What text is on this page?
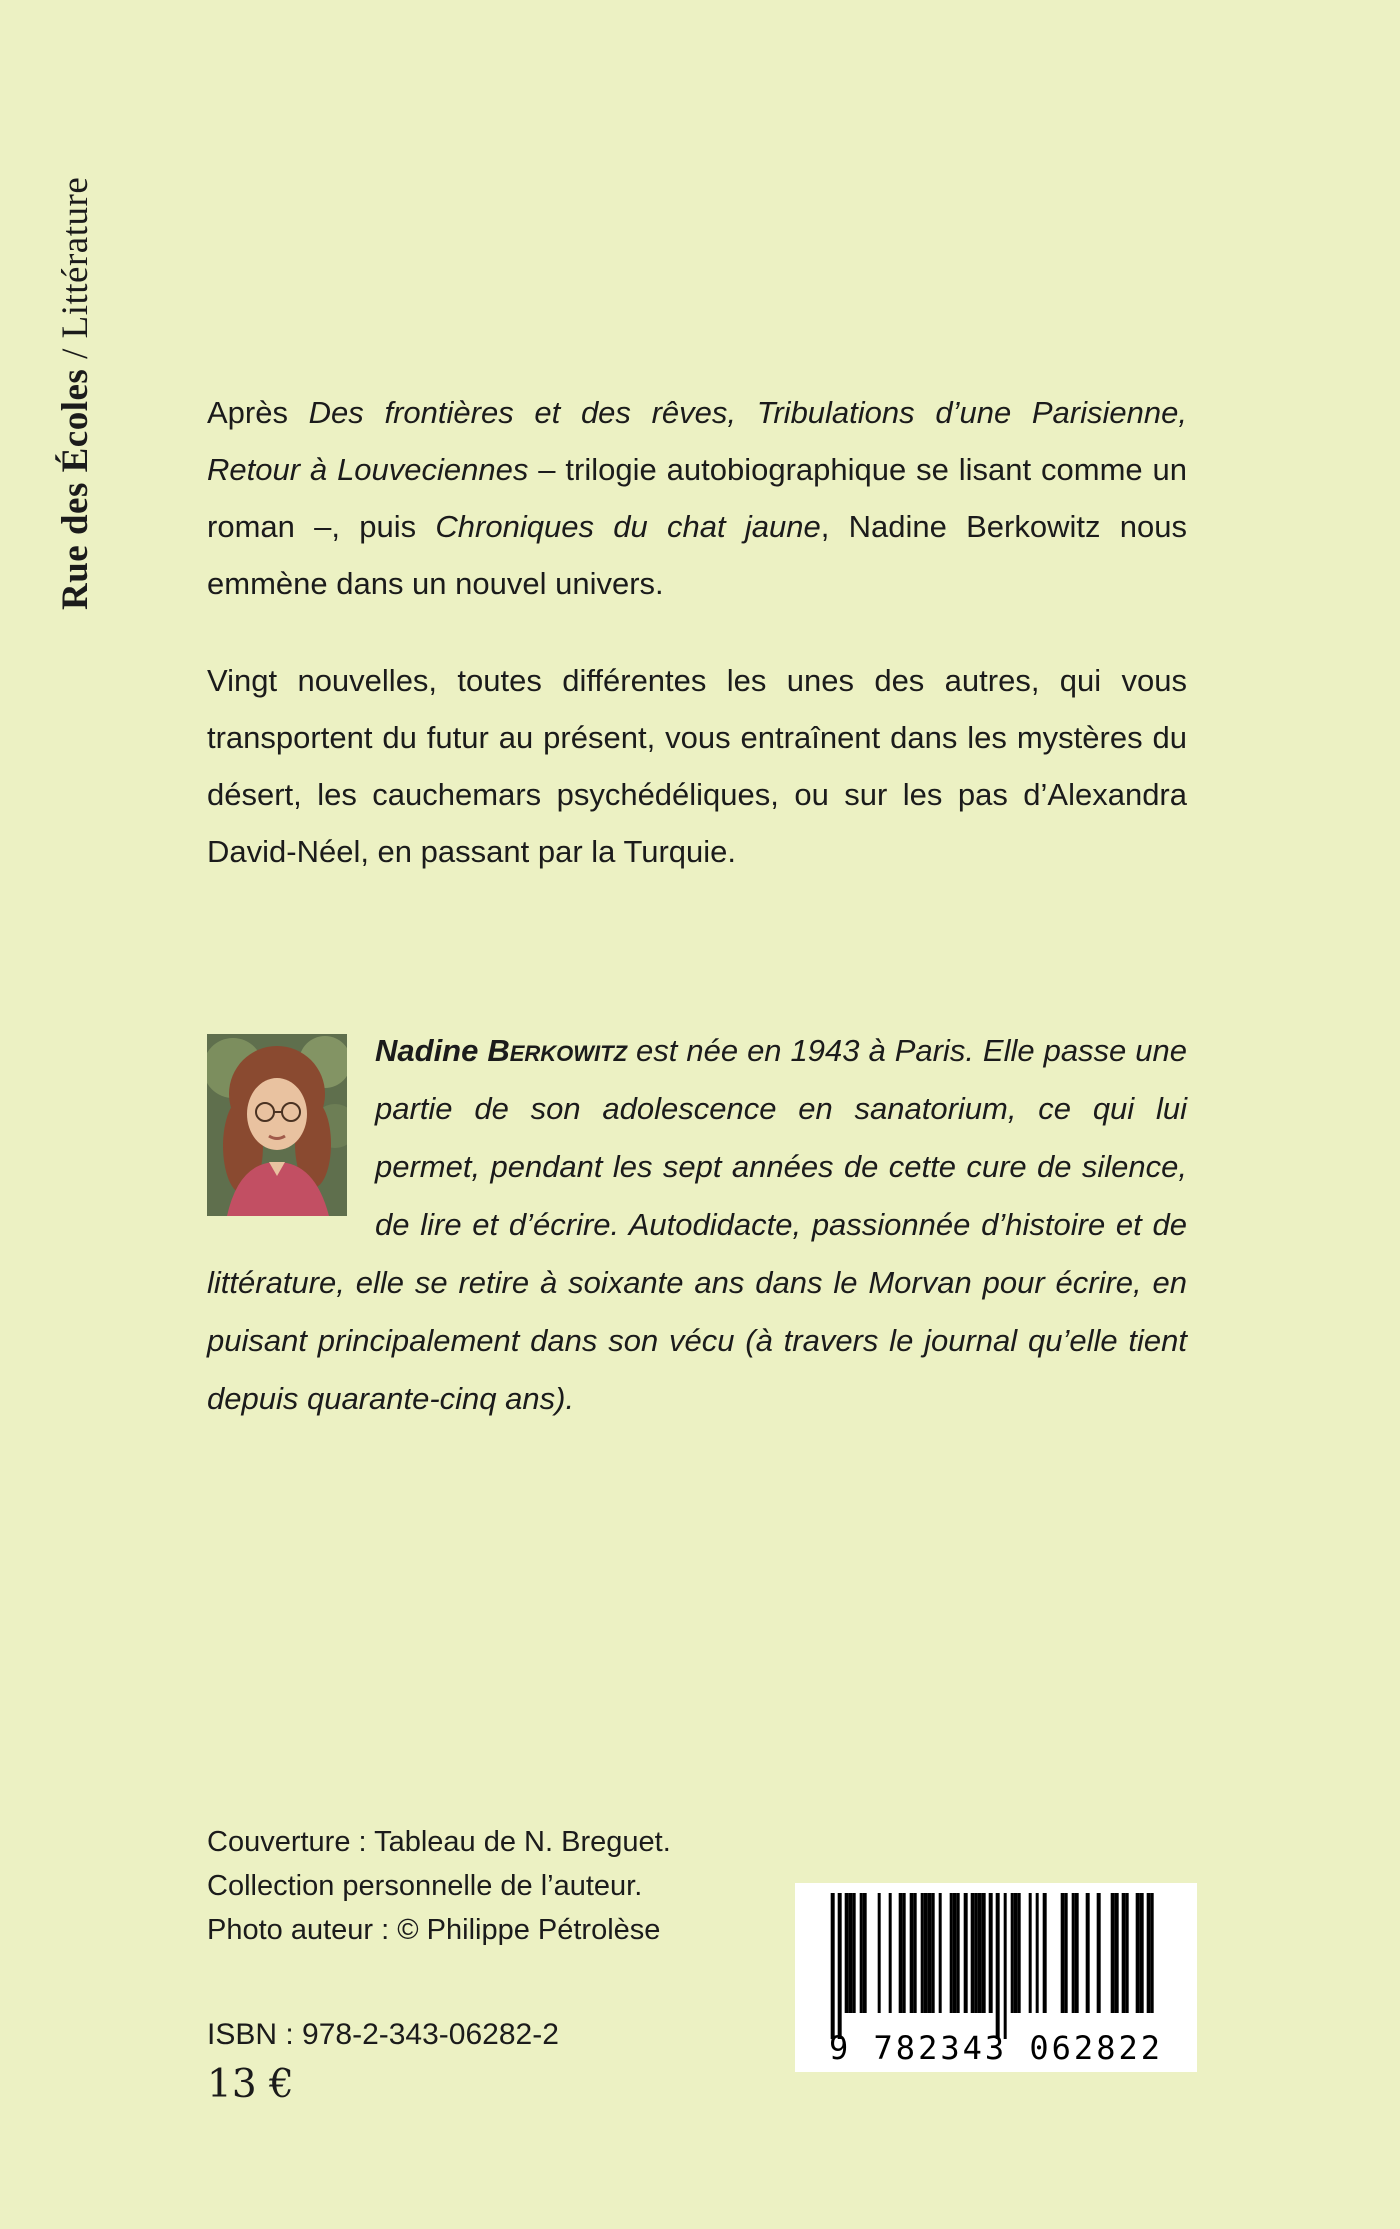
Rue des Écoles / Littérature

Après Des frontières et des rêves, Tribulations d’une Parisienne, Retour à Louveciennes – trilogie autobiographique se lisant comme un roman –, puis Chroniques du chat jaune, Nadine Berkowitz nous emmène dans un nouvel univers.

Vingt nouvelles, toutes différentes les unes des autres, qui vous transportent du futur au présent, vous entraînent dans les mystères du désert, les cauchemars psychédéliques, ou sur les pas d’Alexandra David-Néel, en passant par la Turquie.

Nadine Berkowitz est née en 1943 à Paris. Elle passe une partie de son adolescence en sanatorium, ce qui lui permet, pendant les sept années de cette cure de silence, de lire et d’écrire. Autodidacte, passionnée d’histoire et de littérature, elle se retire à soixante ans dans le Morvan pour écrire, en puisant principalement dans son vécu (à travers le journal qu’elle tient depuis quarante-cinq ans).

Couverture : Tableau de N. Breguet.
Collection personnelle de l’auteur.
Photo auteur : © Philippe Pétrolèse
ISBN : 978-2-343-06282-2
13 €
9 782343 062822
